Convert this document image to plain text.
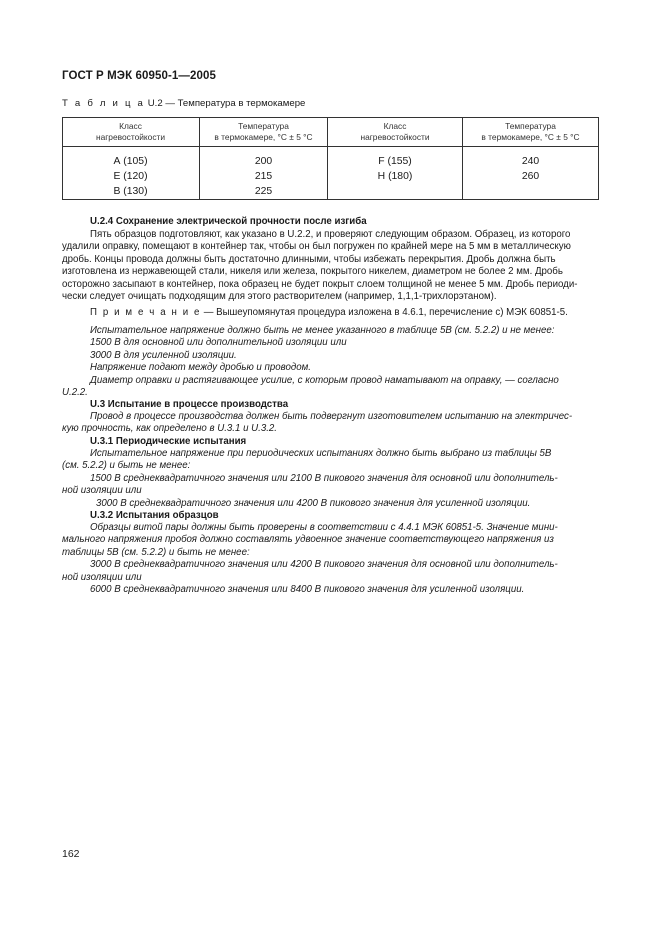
ГОСТ Р МЭК 60950-1—2005
Т а б л и ц а U.2 — Температура в термокамере
Класс
нагревостойкости
Температура
в термокамере, °С ± 5 °С
Класс
нагревостойкости
Температура
в термокамере, °С ± 5 °С
А (105)
Е (120)
В (130)
200
215
225
F (155)
Н (180)
240
260
U.2.4 Сохранение электрической прочности после изгиба
Пять образцов подготовляют, как указано в U.2.2, и проверяют следующим образом. Образец, из которого
удалили оправку, помещают в контейнер так, чтобы он был погружен по крайней мере на 5 мм в металлическую
дробь. Концы провода должны быть достаточно длинными, чтобы избежать перекрытия. Дробь должна быть
изготовлена из нержавеющей стали, никеля или железа, покрытого никелем, диаметром не более 2 мм. Дробь
осторожно засыпают в контейнер, пока образец не будет покрыт слоем толщиной не менее 5 мм. Дробь периоди-
чески следует очищать подходящим для этого растворителем (например, 1,1,1-трихлорэтаном).
П р и м е ч а н и е — Вышеупомянутая процедура изложена в 4.6.1, перечисление с) МЭК 60851-5.
Испытательное напряжение должно быть не менее указанного в таблице 5В (см. 5.2.2) и не менее:
1500 В для основной или дополнительной изоляции или
3000 В для усиленной изоляции.
Напряжение подают между дробью и проводом.
Диаметр оправки и растягивающее усилие, с которым провод наматывают на оправку, — согласно
U.2.2.
U.3 Испытание в процессе производства
Провод в процессе производства должен быть подвергнут изготовителем испытанию на электричес-
кую прочность, как определено в U.3.1 и U.3.2.
U.3.1 Периодические испытания
Испытательное напряжение при периодических испытаниях должно быть выбрано из таблицы 5В
(см. 5.2.2) и быть не менее:
1500 В среднеквадратичного значения или 2100 В пикового значения для основной или дополнитель-
ной изоляции или
3000 В среднеквадратичного значения или 4200 В пикового значения для усиленной изоляции.
U.3.2 Испытания образцов
Образцы витой пары должны быть проверены в соответствии с 4.4.1 МЭК 60851-5. Значение мини-
мального напряжения пробоя должно составлять удвоенное значение соответствующего напряжения из
таблицы 5В (см. 5.2.2) и быть не менее:
3000 В среднеквадратичного значения или 4200 В пикового значения для основной или дополнитель-
ной изоляции или
6000 В среднеквадратичного значения или 8400 В пикового значения для усиленной изоляции.
162
